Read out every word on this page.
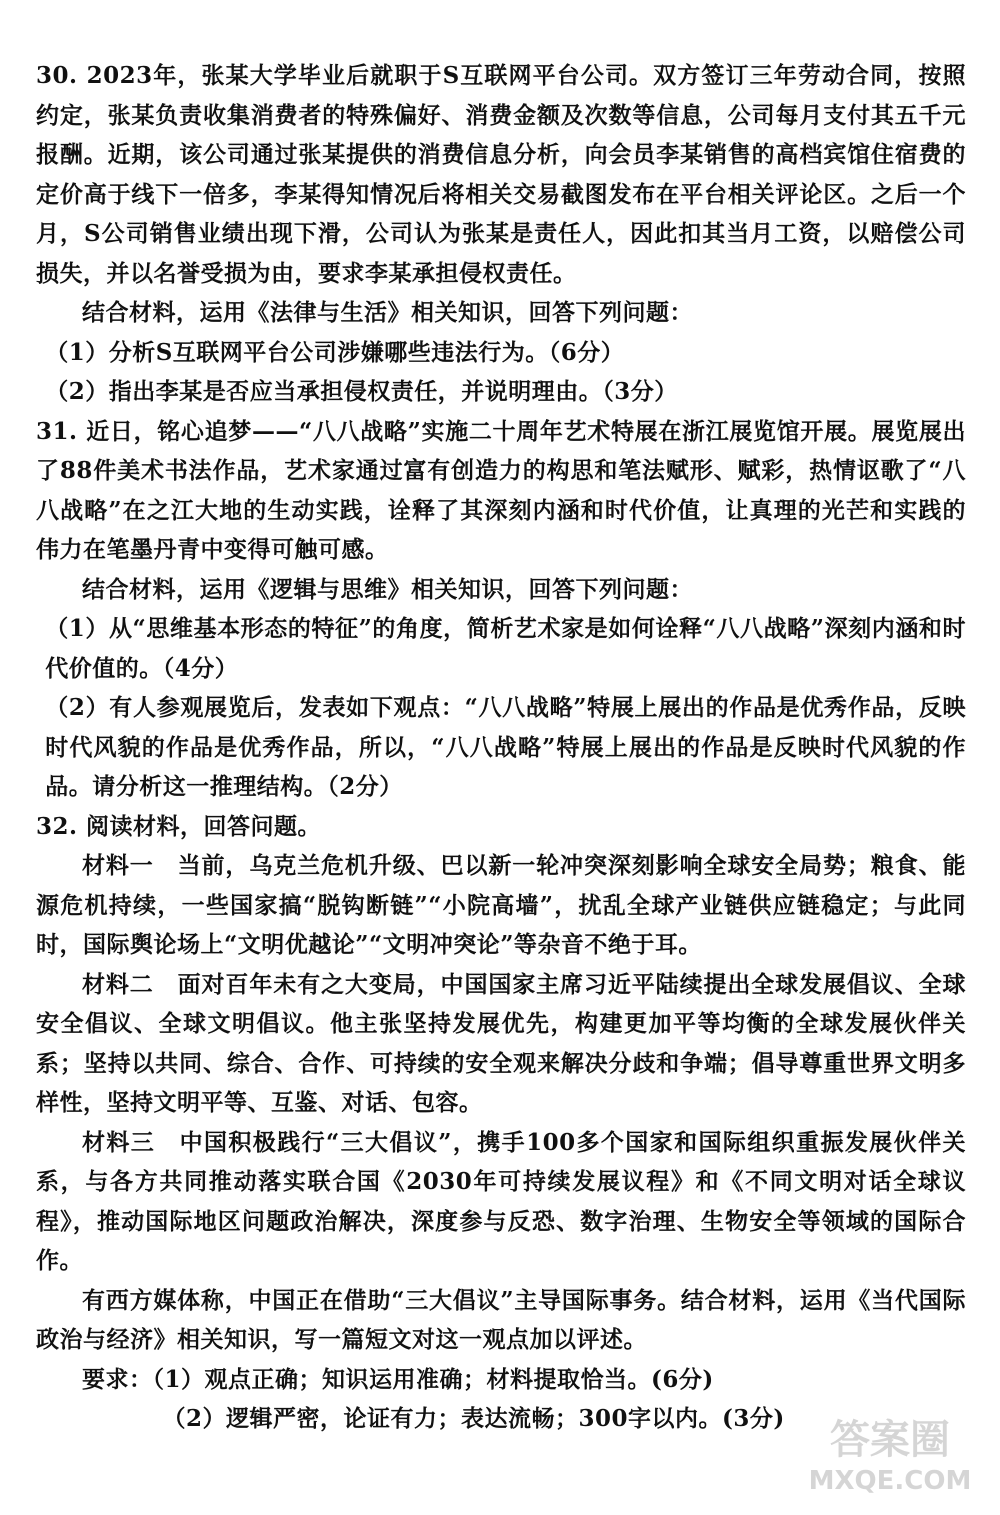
30. 2023年，张某大学毕业后就职于S互联网平台公司。双方签订三年劳动合同，按照约定，张某负责收集消费者的特殊偏好、消费金额及次数等信息，公司每月支付其五千元报酬。近期，该公司通过张某提供的消费信息分析，向会员李某销售的高档宾馆住宿费的定价高于线下一倍多，李某得知情况后将相关交易截图发布在平台相关评论区。之后一个月，S公司销售业绩出现下滑，公司认为张某是责任人，因此扣其当月工资，以赔偿公司损失，并以名誉受损为由，要求李某承担侵权责任。

结合材料，运用《法律与生活》相关知识，回答下列问题：

（1）分析S互联网平台公司涉嫌哪些违法行为。（6分）

（2）指出李某是否应当承担侵权责任，并说明理由。（3分）

31. 近日，铭心追梦——“八八战略”实施二十周年艺术特展在浙江展览馆开展。展览展出了88件美术书法作品，艺术家通过富有创造力的构思和笔法赋形、赋彩，热情讴歌了“八八战略”在之江大地的生动实践，诠释了其深刻内涵和时代价值，让真理的光芒和实践的伟力在笔墨丹青中变得可触可感。

结合材料，运用《逻辑与思维》相关知识，回答下列问题：

（1）从“思维基本形态的特征”的角度，简析艺术家是如何诠释“八八战略”深刻内涵和时代价值的。（4分）

（2）有人参观展览后，发表如下观点：“八八战略”特展上展出的作品是优秀作品，反映时代风貌的作品是优秀作品，所以，“八八战略”特展上展出的作品是反映时代风貌的作品。请分析这一推理结构。（2分）

32. 阅读材料，回答问题。

材料一　当前，乌克兰危机升级、巴以新一轮冲突深刻影响全球安全局势；粮食、能源危机持续，一些国家搞“脱钩断链”“小院高墙”，扰乱全球产业链供应链稳定；与此同时，国际舆论场上“文明优越论”“文明冲突论”等杂音不绝于耳。

材料二　面对百年未有之大变局，中国国家主席习近平陆续提出全球发展倡议、全球安全倡议、全球文明倡议。他主张坚持发展优先，构建更加平等均衡的全球发展伙伴关系；坚持以共同、综合、合作、可持续的安全观来解决分歧和争端；倡导尊重世界文明多样性，坚持文明平等、互鉴、对话、包容。

材料三　中国积极践行“三大倡议”，携手100多个国家和国际组织重振发展伙伴关系，与各方共同推动落实联合国《2030年可持续发展议程》和《不同文明对话全球议程》，推动国际地区问题政治解决，深度参与反恐、数字治理、生物安全等领域的国际合作。

有西方媒体称，中国正在借助“三大倡议”主导国际事务。结合材料，运用《当代国际政治与经济》相关知识，写一篇短文对这一观点加以评述。

要求：（1）观点正确；知识运用准确；材料提取恰当。(6分)

（2）逻辑严密，论证有力；表达流畅；300字以内。(3分)	答案圈
MXQE.COM
